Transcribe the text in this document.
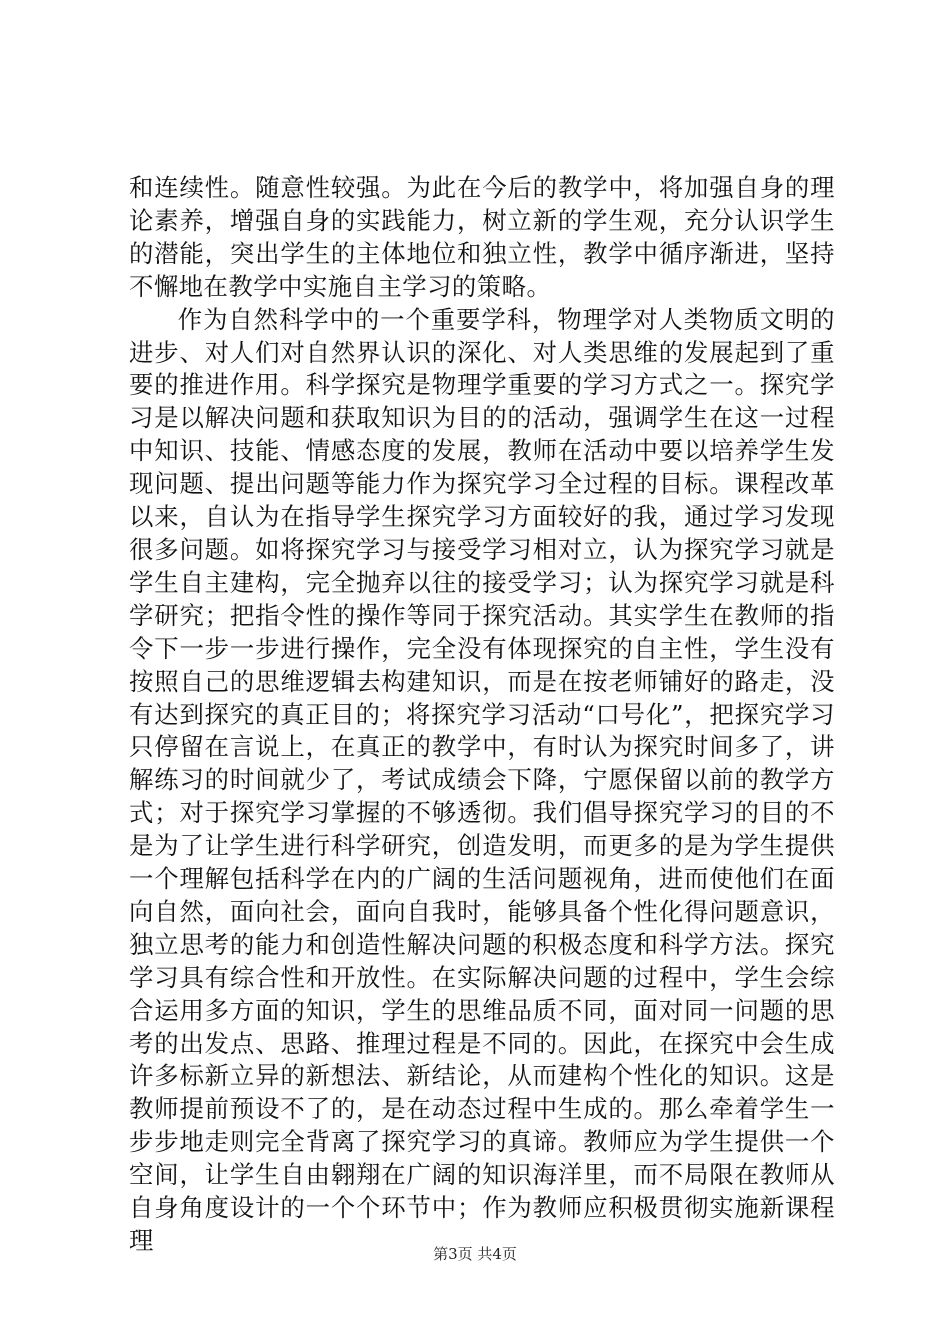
和连续性。随意性较强。为此在今后的教学中，将加强自身的理论素养，增强自身的实践能力，树立新的学生观，充分认识学生的潜能，突出学生的主体地位和独立性，教学中循序渐进，坚持不懈地在教学中实施自主学习的策略。

作为自然科学中的一个重要学科，物理学对人类物质文明的进步、对人们对自然界认识的深化、对人类思维的发展起到了重要的推进作用。科学探究是物理学重要的学习方式之一。探究学习是以解决问题和获取知识为目的的活动，强调学生在这一过程中知识、技能、情感态度的发展，教师在活动中要以培养学生发现问题、提出问题等能力作为探究学习全过程的目标。课程改革以来，自认为在指导学生探究学习方面较好的我，通过学习发现很多问题。如将探究学习与接受学习相对立，认为探究学习就是学生自主建构，完全抛弃以往的接受学习；认为探究学习就是科学研究；把指令性的操作等同于探究活动。其实学生在教师的指令下一步一步进行操作，完全没有体现探究的自主性，学生没有按照自己的思维逻辑去构建知识，而是在按老师铺好的路走，没有达到探究的真正目的；将探究学习活动“口号化”，把探究学习只停留在言说上，在真正的教学中，有时认为探究时间多了，讲解练习的时间就少了，考试成绩会下降，宁愿保留以前的教学方式；对于探究学习掌握的不够透彻。我们倡导探究学习的目的不是为了让学生进行科学研究，创造发明，而更多的是为学生提供一个理解包括科学在内的广阔的生活问题视角，进而使他们在面向自然，面向社会，面向自我时，能够具备个性化得问题意识，独立思考的能力和创造性解决问题的积极态度和科学方法。探究学习具有综合性和开放性。在实际解决问题的过程中，学生会综合运用多方面的知识，学生的思维品质不同，面对同一问题的思考的出发点、思路、推理过程是不同的。因此，在探究中会生成许多标新立异的新想法、新结论，从而建构个性化的知识。这是教师提前预设不了的，是在动态过程中生成的。那么牵着学生一步步地走则完全背离了探究学习的真谛。教师应为学生提供一个空间，让学生自由翱翔在广阔的知识海洋里，而不局限在教师从自身角度设计的一个个环节中；作为教师应积极贯彻实施新课程理	第3页 共4页
